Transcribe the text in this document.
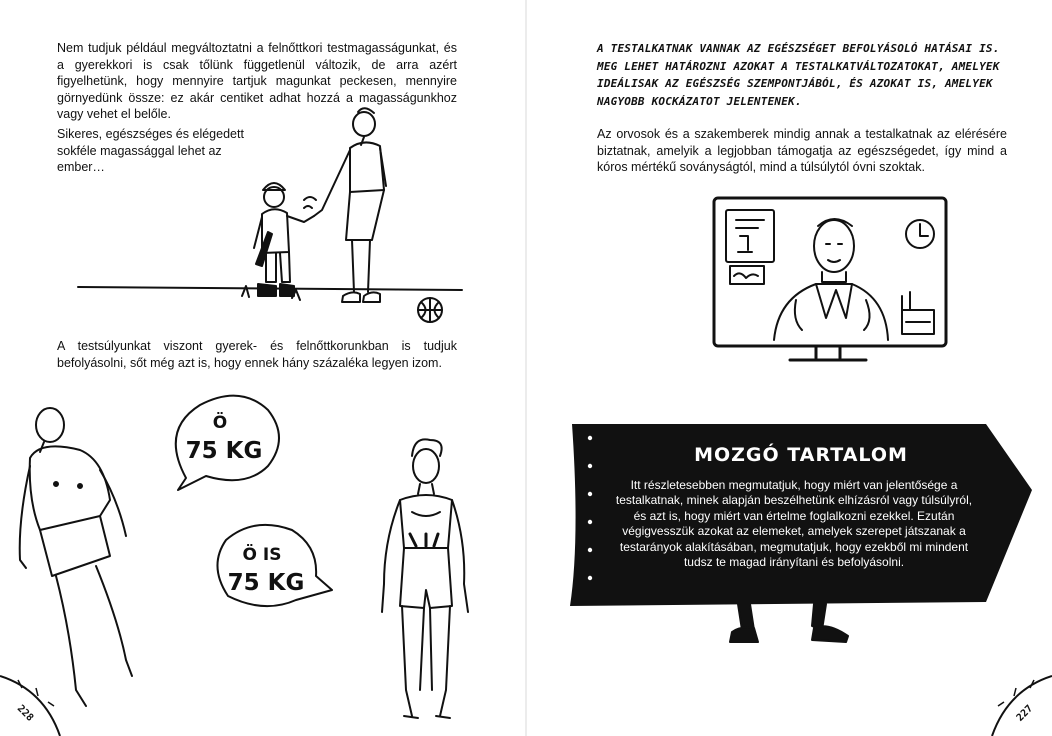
Nem tudjuk például megváltoztatni a felnőttkori testmagasságunkat, és a gyerekkori is csak tőlünk függetlenül változik, de arra azért figyelhetünk, hogy mennyire tartjuk magunkat peckesen, mennyire görnyedünk össze: ez akár centiket adhat hozzá a magasságunkhoz vagy vehet el belőle.

Sikeres, egészséges és elégedett sokféle magassággal lehet az ember…

A testsúlyunkat viszont gyerek- és felnőttkorunkban is tudjuk befolyásolni, sőt még azt is, hogy ennek hány százaléka legyen izom.

Ö
75 KG
Ö IS
75 KG
228

A TESTALKATNAK VANNAK AZ EGÉSZSÉGET BEFOLYÁSOLÓ HATÁSAI IS. MEG LEHET HATÁROZNI AZOKAT A TESTALKATVÁLTOZATOKAT, AMELYEK IDEÁLISAK AZ EGÉSZSÉG SZEMPONTJÁBÓL, ÉS AZOKAT IS, AMELYEK NAGYOBB KOCKÁZATOT JELENTENEK.

Az orvosok és a szakemberek mindig annak a testalkatnak az elérésére biztatnak, amelyik a legjobban támogatja az egészségedet, így mind a kóros mértékű soványságtól, mind a túlsúlytól óvni szoktak.

MOZGÓ TARTALOM

Itt részletesebben megmutatjuk, hogy miért van jelentősége a testalkatnak, minek alapján beszélhetünk elhízásról vagy túlsúlyról, és azt is, hogy miért van értelme foglalkozni ezekkel. Ezután végigvesszük azokat az elemeket, amelyek szerepet játszanak a testarányok alakításában, megmutatjuk, hogy ezekből mi mindent tudsz te magad irányítani és befolyásolni.

227
